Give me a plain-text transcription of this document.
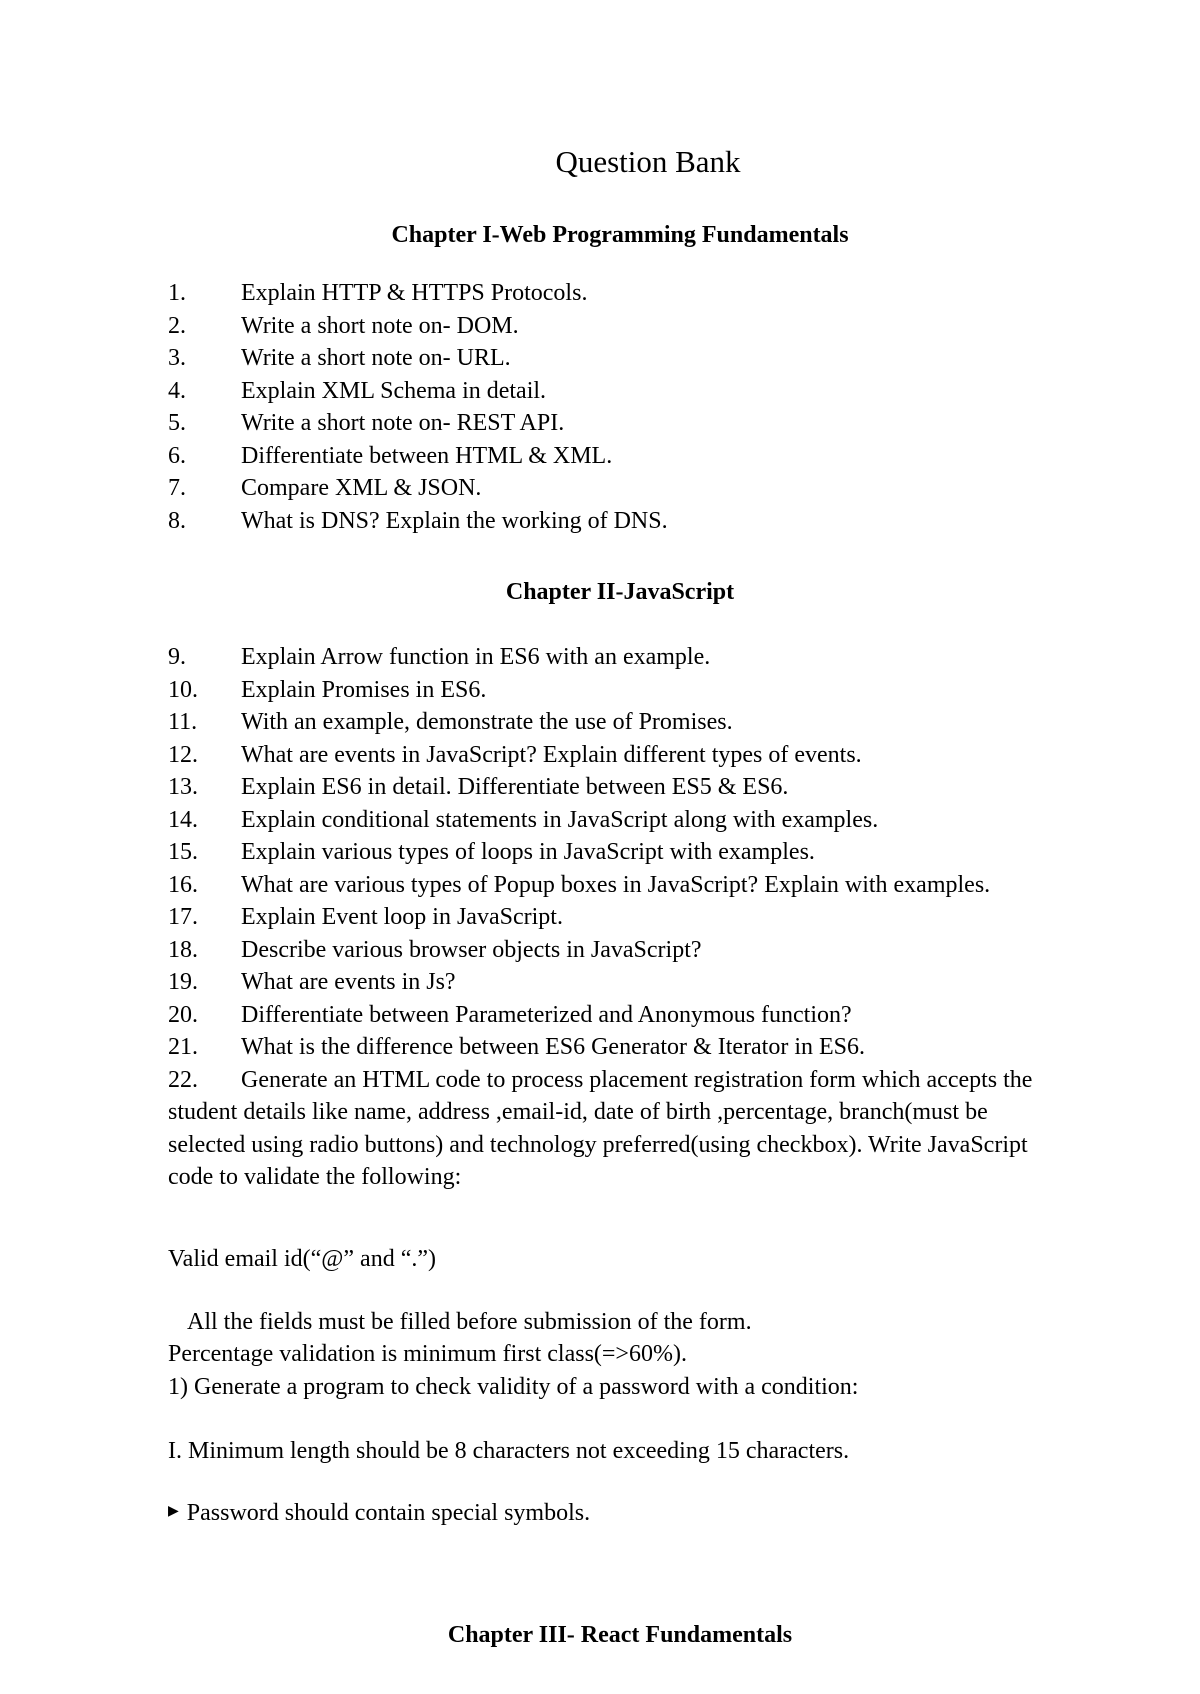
Question Bank
Chapter I-Web Programming Fundamentals
1. Explain HTTP & HTTPS Protocols.
2. Write a short note on- DOM.
3. Write a short note on- URL.
4. Explain XML Schema in detail.
5. Write a short note on- REST API.
6. Differentiate between HTML & XML.
7. Compare XML & JSON.
8. What is DNS? Explain the working of DNS.
Chapter II-JavaScript
9. Explain Arrow function in ES6 with an example.
10. Explain Promises in ES6.
11. With an example, demonstrate the use of Promises.
12. What are events in JavaScript? Explain different types of events.
13. Explain ES6 in detail. Differentiate between ES5 & ES6.
14. Explain conditional statements in JavaScript along with examples.
15. Explain various types of loops in JavaScript with examples.
16. What are various types of Popup boxes in JavaScript? Explain with examples.
17. Explain Event loop in JavaScript.
18. Describe various browser objects in JavaScript?
19. What are events in Js?
20. Differentiate between Parameterized and Anonymous function?
21. What is the difference between ES6 Generator & Iterator in ES6.
22. Generate an HTML code to process placement registration form which accepts the student details like name, address ,email-id, date of birth ,percentage, branch(must be selected using radio buttons) and technology preferred(using checkbox). Write JavaScript code to validate the following:
Valid email id(“@” and “.”)
All the fields must be filled before submission of the form.
Percentage validation is minimum first class(=>60%).
1) Generate a program to check validity of a password with a condition:
I. Minimum length should be 8 characters not exceeding 15 characters.
▶ Password should contain special symbols.
Chapter III- React Fundamentals
